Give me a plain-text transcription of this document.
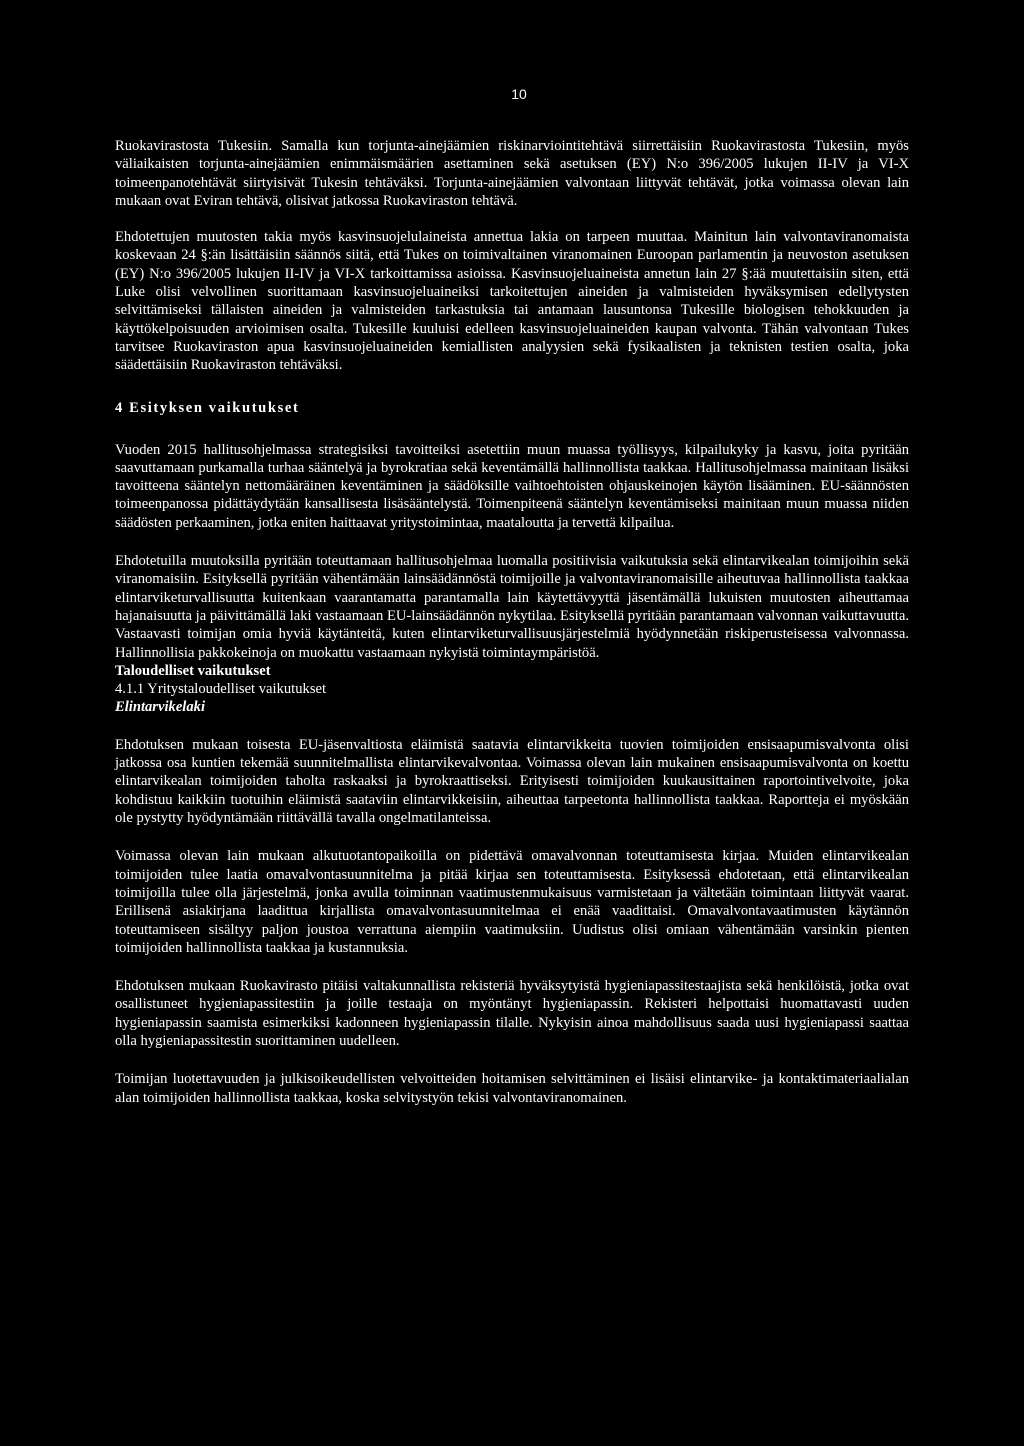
10

Ruokavirastosta Tukesiin. Samalla kun torjunta-ainejäämien riskinarviointitehtävä siirrettäisiin Ruokavirastosta Tukesiin, myös väliaikaisten torjunta-ainejäämien enimmäismäärien asettaminen sekä asetuksen (EY) N:o 396/2005 lukujen II-IV ja VI-X toimeenpanotehtävät siirtyisivät Tukesin tehtäväksi. Torjunta-ainejäämien valvontaan liittyvät tehtävät, jotka voimassa olevan lain mukaan ovat Eviran tehtävä, olisivat jatkossa Ruokaviraston tehtävä.

Ehdotettujen muutosten takia myös kasvinsuojelulaineista annettua lakia on tarpeen muuttaa. Mainitun lain valvontaviranomaista koskevaan 24 §:än lisättäisiin säännös siitä, että Tukes on toimivaltainen viranomainen Euroopan parlamentin ja neuvoston asetuksen (EY) N:o 396/2005 lukujen II-IV ja VI-X tarkoittamissa asioissa. Kasvinsuojeluaineista annetun lain 27 §:ää muutettaisiin siten, että Luke olisi velvollinen suorittamaan kasvinsuojeluaineiksi tarkoitettujen aineiden ja valmisteiden hyväksymisen edellytysten selvittämiseksi tällaisten aineiden ja valmisteiden tarkastuksia tai antamaan lausuntonsa Tukesille biologisen tehokkuuden ja käyttökelpoisuuden arvioimisen osalta. Tukesille kuuluisi edelleen kasvinsuojeluaineiden kaupan valvonta. Tähän valvontaan Tukes tarvitsee Ruokaviraston apua kasvinsuojeluaineiden kemiallisten analyysien sekä fysikaalisten ja teknisten testien osalta, joka säädettäisiin Ruokaviraston tehtäväksi.

4 Esityksen vaikutukset

Vuoden 2015 hallitusohjelmassa strategisiksi tavoitteiksi asetettiin muun muassa työllisyys, kilpailukyky ja kasvu, joita pyritään saavuttamaan purkamalla turhaa sääntelyä ja byrokratiaa sekä keventämällä hallinnollista taakkaa. Hallitusohjelmassa mainitaan lisäksi tavoitteena sääntelyn nettomääräinen keventäminen ja säädöksille vaihtoehtoisten ohjauskeinojen käytön lisääminen. EU-säännösten toimeenpanossa pidättäydytään kansallisesta lisäsääntelystä. Toimenpiteenä sääntelyn keventämiseksi mainitaan muun muassa niiden säädösten perkaaminen, jotka eniten haittaavat yritystoimintaa, maataloutta ja tervettä kilpailua.

Ehdotetuilla muutoksilla pyritään toteuttamaan hallitusohjelmaa luomalla positiivisia vaikutuksia sekä elintarvikealan toimijoihin sekä viranomaisiin. Esityksellä pyritään vähentämään lainsäädännöstä toimijoille ja valvontaviranomaisille aiheutuvaa hallinnollista taakkaa elintarviketurvallisuutta kuitenkaan vaarantamatta parantamalla lain käytettävyyttä jäsentämällä lukuisten muutosten aiheuttamaa hajanaisuutta ja päivittämällä laki vastaamaan EU-lainsäädännön nykytilaa. Esityksellä pyritään parantamaan valvonnan vaikuttavuutta. Vastaavasti toimijan omia hyviä käytänteitä, kuten elintarviketurvallisuusjärjestelmiä hyödynnetään riskiperusteisessa valvonnassa. Hallinnollisia pakkokeinoja on muokattu vastaamaan nykyistä toimintaympäristöä.

Taloudelliset vaikutukset
4.1.1 Yritystaloudelliset vaikutukset
Elintarvikelaki

Ehdotuksen mukaan toisesta EU-jäsenvaltiosta eläimistä saatavia elintarvikkeita tuovien toimijoiden ensisaapumisvalvonta olisi jatkossa osa kuntien tekemää suunnitelmallista elintarvikevalvontaa. Voimassa olevan lain mukainen ensisaapumisvalvonta on koettu elintarvikealan toimijoiden taholta raskaaksi ja byrokraattiseksi. Erityisesti toimijoiden kuukausittainen raportointivelvoite, joka kohdistuu kaikkiin tuotuihin eläimistä saataviin elintarvikkeisiin, aiheuttaa tarpeetonta hallinnollista taakkaa. Raportteja ei myöskään ole pystytty hyödyntämään riittävällä tavalla ongelmatilanteissa.

Voimassa olevan lain mukaan alkutuotantopaikoilla on pidettävä omavalvonnan toteuttamisesta kirjaa. Muiden elintarvikealan toimijoiden tulee laatia omavalvontasuunnitelma ja pitää kirjaa sen toteuttamisesta. Esityksessä ehdotetaan, että elintarvikealan toimijoilla tulee olla järjestelmä, jonka avulla toiminnan vaatimustenmukaisuus varmistetaan ja vältetään toimintaan liittyvät vaarat. Erillisenä asiakirjana laadittua kirjallista omavalvontasuunnitelmaa ei enää vaadittaisi. Omavalvontavaatimusten käytännön toteuttamiseen sisältyy paljon joustoa verrattuna aiempiin vaatimuksiin. Uudistus olisi omiaan vähentämään varsinkin pienten toimijoiden hallinnollista taakkaa ja kustannuksia.

Ehdotuksen mukaan Ruokavirasto pitäisi valtakunnallista rekisteriä hyväksytyistä hygieniapassitestaajista sekä henkilöistä, jotka ovat osallistuneet hygieniapassitestiin ja joille testaaja on myöntänyt hygieniapassin. Rekisteri helpottaisi huomattavasti uuden hygieniapassin saamista esimerkiksi kadonneen hygieniapassin tilalle. Nykyisin ainoa mahdollisuus saada uusi hygieniapassi saattaa olla hygieniapassitestin suorittaminen uudelleen.

Toimijan luotettavuuden ja julkisoikeudellisten velvoitteiden hoitamisen selvittäminen ei lisäisi elintarvike- ja kontaktimateriaalialan alan toimijoiden hallinnollista taakkaa, koska selvitystyön tekisi valvontaviranomainen.
